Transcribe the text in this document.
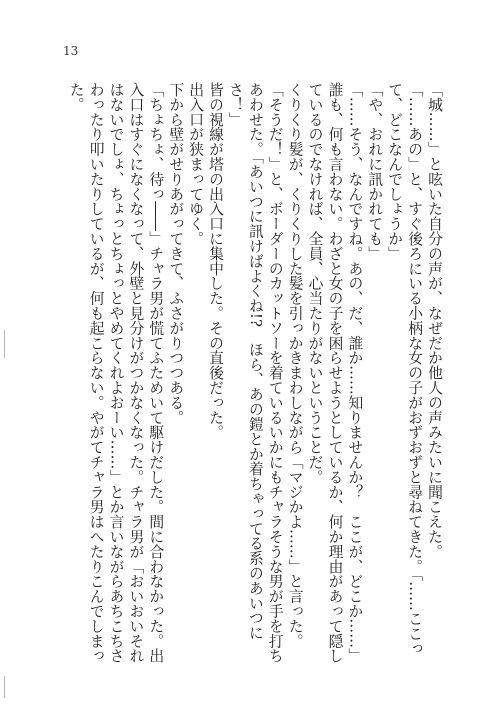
13

「城……」と呟いた自分の声が、なぜだか他人の声みたいに聞こえた。

「……あの」と、すぐ後ろにいる小柄な女の子がおずおずと尋ねてきた。「……ここって、どこなんでしょうか」

「や、おれに訊かれても」

「……そう、なんですね。あの、だ、誰か……知りませんか？　ここが、どこか……」

誰も、何も言わない。わざと女の子を困らせようとしているか、何か理由があって隠しているのでなければ、全員、心当たりがないということだ。

くりくり髪が、くりくりした髪を引っかきまわしながら「マジかよ……」と言った。

「そうだ！」と、ボーダーのカットソーを着ているいかにもチャラそうな男が手を打ちあわせた。「あいつに訊けばよくね!?　ほら、あの鎧とか着ちゃってる系のあいつにさ！」

皆の視線が塔の出入口に集中した。その直後だった。

出入口が狭まってゆく。

下から壁がせりあがってきて、ふさがりつつある。

「ちょちょ、待っ――」チャラ男が慌てふためいて駆けだした。間に合わなかった。出入口はすぐになくなって、外壁と見分けがつかなくなった。チャラ男が「おいおいそれはないでしょ、ちょっとちょっとやめてくれよおーい……」とか言いながらあちこちさわったり叩いたりしているが、何も起こらない。やがてチャラ男はへたりこんでしまった。
